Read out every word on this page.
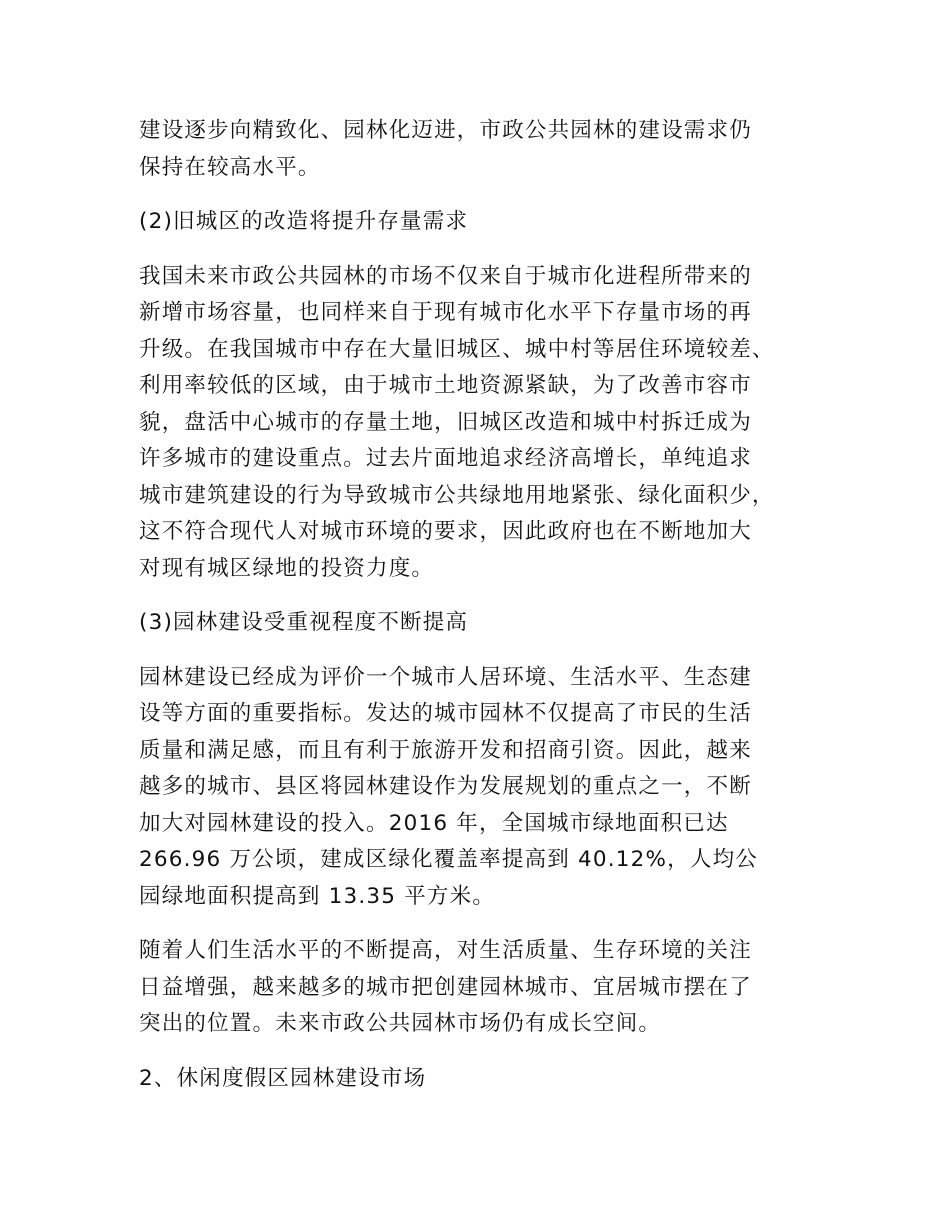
建设逐步向精致化、园林化迈进，市政公共园林的建设需求仍
保持在较高水平。

(2)旧城区的改造将提升存量需求

我国未来市政公共园林的市场不仅来自于城市化进程所带来的
新增市场容量，也同样来自于现有城市化水平下存量市场的再
升级。在我国城市中存在大量旧城区、城中村等居住环境较差、
利用率较低的区域，由于城市土地资源紧缺，为了改善市容市
貌，盘活中心城市的存量土地，旧城区改造和城中村拆迁成为
许多城市的建设重点。过去片面地追求经济高增长，单纯追求
城市建筑建设的行为导致城市公共绿地用地紧张、绿化面积少，
这不符合现代人对城市环境的要求，因此政府也在不断地加大
对现有城区绿地的投资力度。

(3)园林建设受重视程度不断提高

园林建设已经成为评价一个城市人居环境、生活水平、生态建
设等方面的重要指标。发达的城市园林不仅提高了市民的生活
质量和满足感，而且有利于旅游开发和招商引资。因此，越来
越多的城市、县区将园林建设作为发展规划的重点之一，不断
加大对园林建设的投入。2016 年，全国城市绿地面积已达
266.96 万公顷，建成区绿化覆盖率提高到 40.12%，人均公
园绿地面积提高到 13.35 平方米。

随着人们生活水平的不断提高，对生活质量、生存环境的关注
日益增强，越来越多的城市把创建园林城市、宜居城市摆在了
突出的位置。未来市政公共园林市场仍有成长空间。

2、休闲度假区园林建设市场
